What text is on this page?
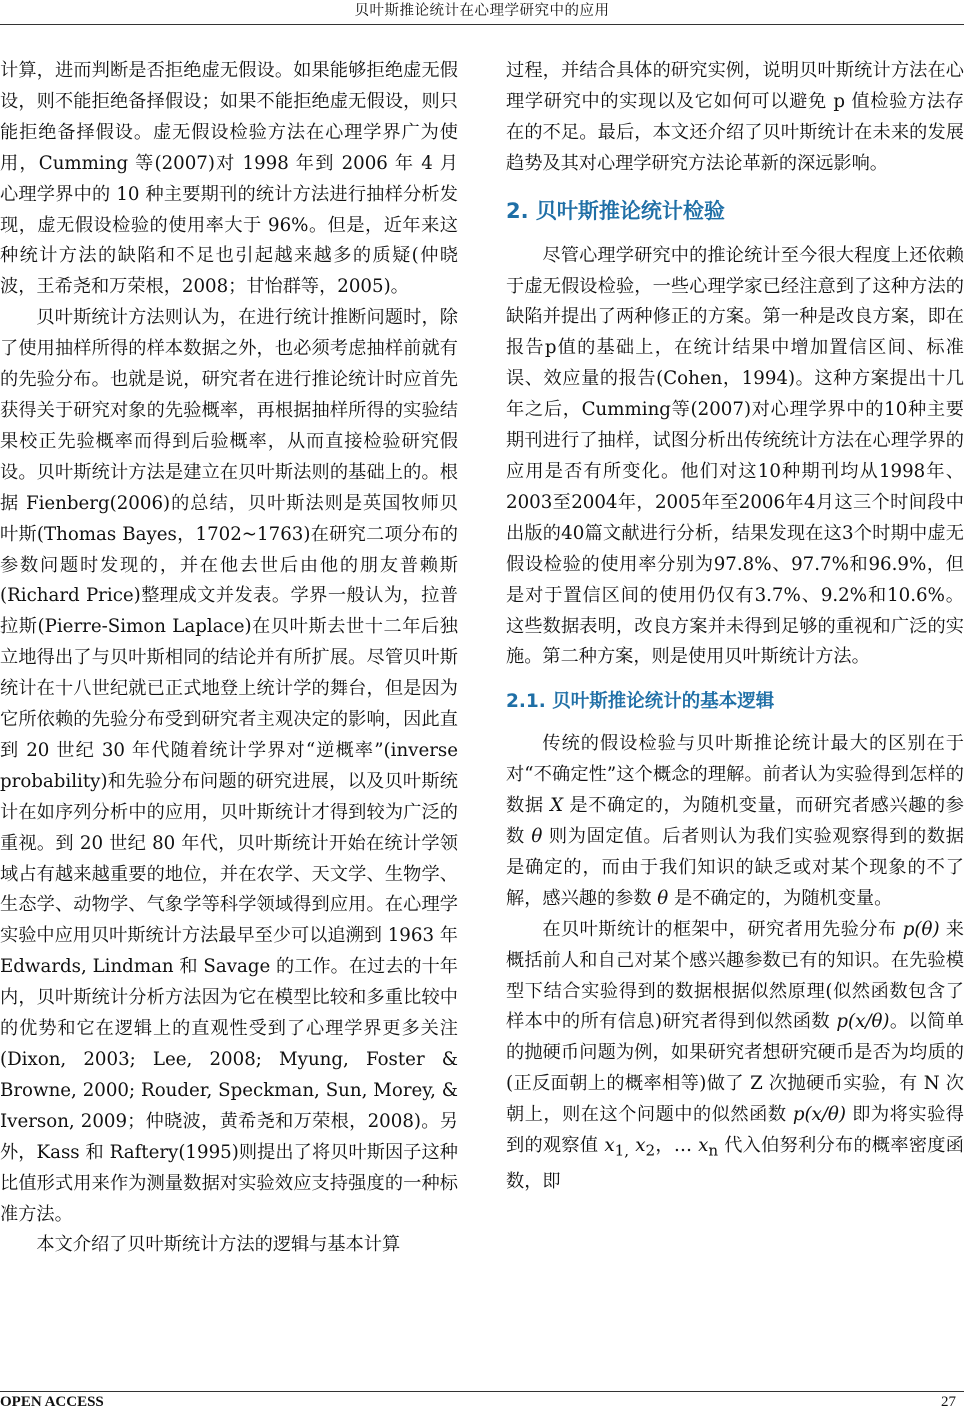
贝叶斯推论统计在心理学研究中的应用

计算，进而判断是否拒绝虚无假设。如果能够拒绝虚无假设，则不能拒绝备择假设；如果不能拒绝虚无假设，则只能拒绝备择假设。虚无假设检验方法在心理学界广为使用，Cumming 等(2007)对 1998 年到 2006 年 4 月心理学界中的 10 种主要期刊的统计方法进行抽样分析发现，虚无假设检验的使用率大于 96%。但是，近年来这种统计方法的缺陷和不足也引起越来越多的质疑(仲晓波，王希尧和万荣根，2008；甘怡群等，2005)。

贝叶斯统计方法则认为，在进行统计推断问题时，除了使用抽样所得的样本数据之外，也必须考虑抽样前就有的先验分布。也就是说，研究者在进行推论统计时应首先获得关于研究对象的先验概率，再根据抽样所得的实验结果校正先验概率而得到后验概率，从而直接检验研究假设。贝叶斯统计方法是建立在贝叶斯法则的基础上的。根据 Fienberg(2006)的总结，贝叶斯法则是英国牧师贝叶斯(Thomas Bayes，1702~1763)在研究二项分布的参数问题时发现的，并在他去世后由他的朋友普赖斯(Richard Price)整理成文并发表。学界一般认为，拉普拉斯(Pierre-Simon Laplace)在贝叶斯去世十二年后独立地得出了与贝叶斯相同的结论并有所扩展。尽管贝叶斯统计在十八世纪就已正式地登上统计学的舞台，但是因为它所依赖的先验分布受到研究者主观决定的影响，因此直到 20 世纪 30 年代随着统计学界对“逆概率”(inverse probability)和先验分布问题的研究进展，以及贝叶斯统计在如序列分析中的应用，贝叶斯统计才得到较为广泛的重视。到 20 世纪 80 年代，贝叶斯统计开始在统计学领域占有越来越重要的地位，并在农学、天文学、生物学、生态学、动物学、气象学等科学领域得到应用。在心理学实验中应用贝叶斯统计方法最早至少可以追溯到 1963 年 Edwards, Lindman 和 Savage 的工作。在过去的十年内，贝叶斯统计分析方法因为它在模型比较和多重比较中的优势和它在逻辑上的直观性受到了心理学界更多关注(Dixon, 2003; Lee, 2008; Myung, Foster & Browne, 2000; Rouder, Speckman, Sun, Morey, & Iverson, 2009；仲晓波，黄希尧和万荣根，2008)。另外，Kass 和 Raftery(1995)则提出了将贝叶斯因子这种比值形式用来作为测量数据对实验效应支持强度的一种标准方法。

本文介绍了贝叶斯统计方法的逻辑与基本计算

过程，并结合具体的研究实例，说明贝叶斯统计方法在心理学研究中的实现以及它如何可以避免 p 值检验方法存在的不足。最后，本文还介绍了贝叶斯统计在未来的发展趋势及其对心理学研究方法论革新的深远影响。

2. 贝叶斯推论统计检验

尽管心理学研究中的推论统计至今很大程度上还依赖于虚无假设检验，一些心理学家已经注意到了这种方法的缺陷并提出了两种修正的方案。第一种是改良方案，即在报告p值的基础上，在统计结果中增加置信区间、标准误、效应量的报告(Cohen，1994)。这种方案提出十几年之后，Cumming等(2007)对心理学界中的10种主要期刊进行了抽样，试图分析出传统统计方法在心理学界的应用是否有所变化。他们对这10种期刊均从1998年、2003至2004年，2005年至2006年4月这三个时间段中出版的40篇文献进行分析，结果发现在这3个时期中虚无假设检验的使用率分别为97.8%、97.7%和96.9%，但是对于置信区间的使用仍仅有3.7%、9.2%和10.6%。这些数据表明，改良方案并未得到足够的重视和广泛的实施。第二种方案，则是使用贝叶斯统计方法。

2.1. 贝叶斯推论统计的基本逻辑

传统的假设检验与贝叶斯推论统计最大的区别在于对“不确定性”这个概念的理解。前者认为实验得到怎样的数据 X 是不确定的，为随机变量，而研究者感兴趣的参数 θ 则为固定值。后者则认为我们实验观察得到的数据是确定的，而由于我们知识的缺乏或对某个现象的不了解，感兴趣的参数 θ 是不确定的，为随机变量。

在贝叶斯统计的框架中，研究者用先验分布 p(θ) 来概括前人和自己对某个感兴趣参数已有的知识。在先验模型下结合实验得到的数据根据似然原理(似然函数包含了样本中的所有信息)研究者得到似然函数 p(x/θ)。以简单的抛硬币问题为例，如果研究者想研究硬币是否为均质的(正反面朝上的概率相等)做了 Z 次抛硬币实验，有 N 次朝上，则在这个问题中的似然函数 p(x/θ) 即为将实验得到的观察值 $x_{1,}$ $x_2$，… $x_n$ 代入伯努利分布的概率密度函数，即

OPEN ACCESS	27
